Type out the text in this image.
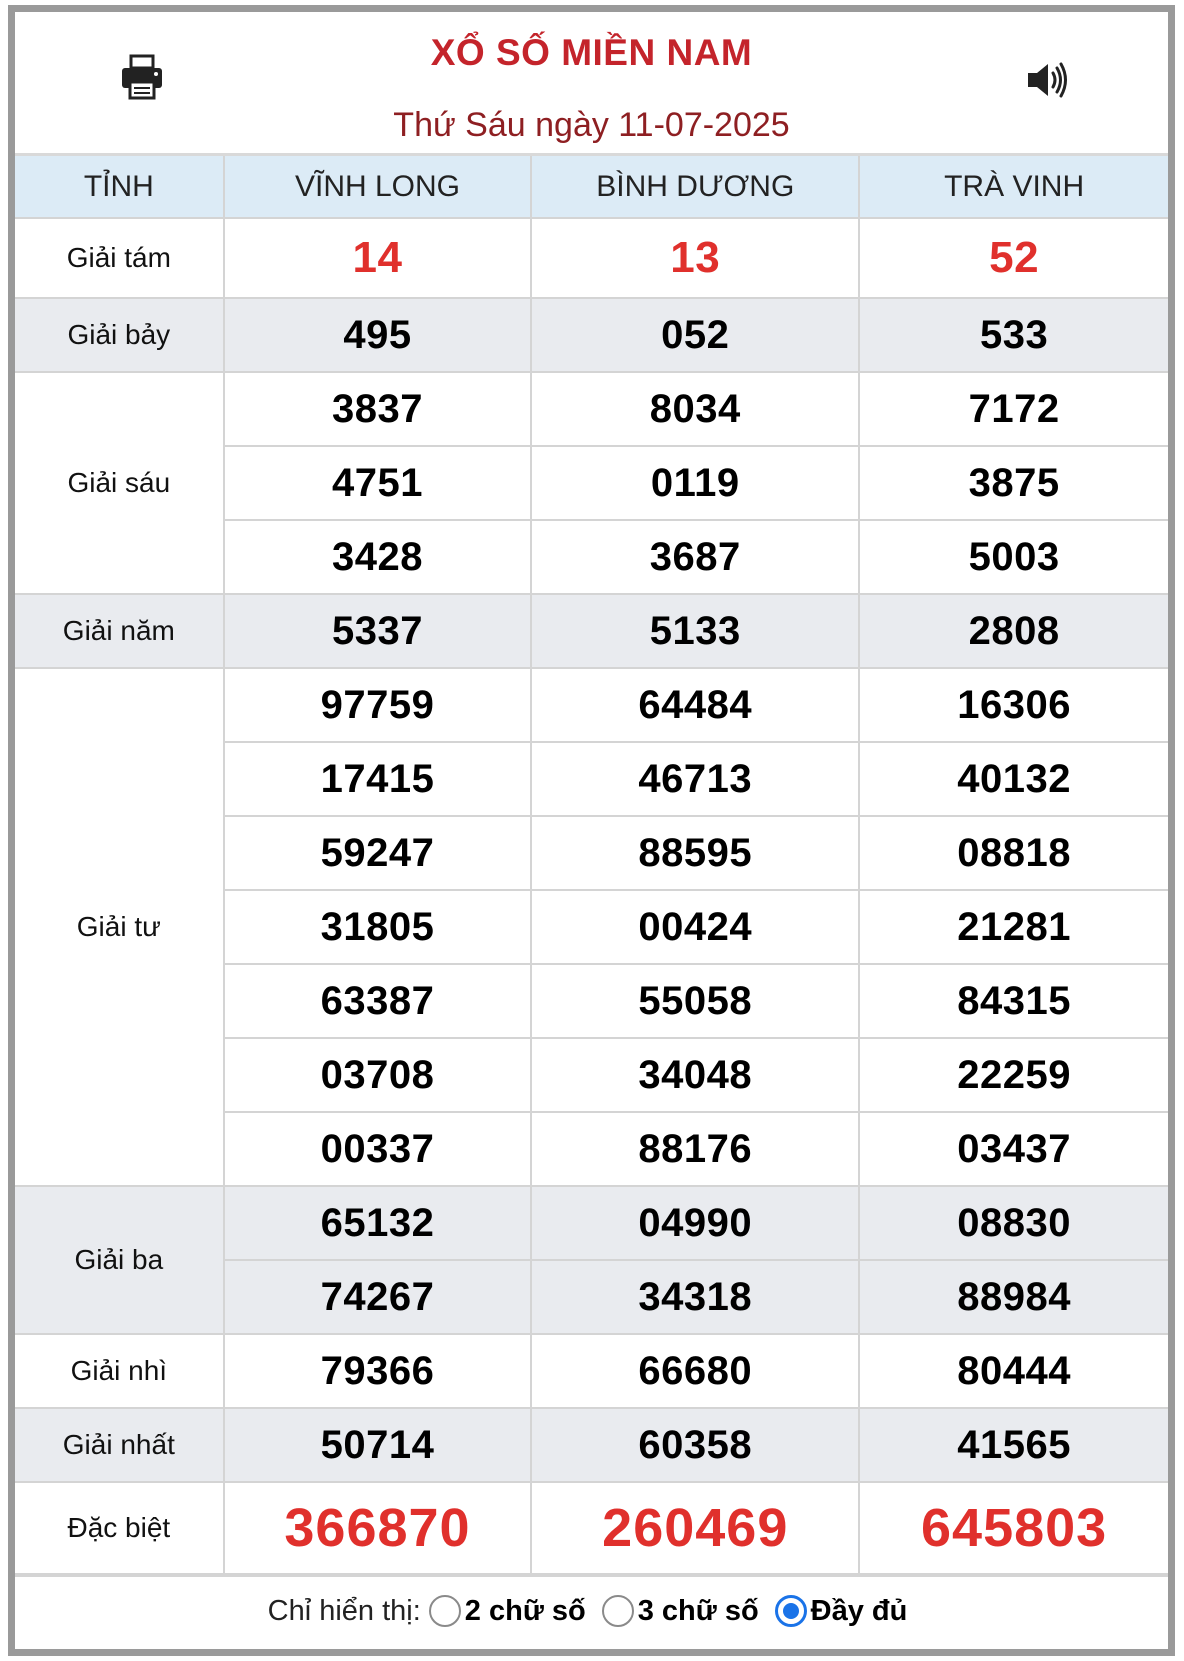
XỔ SỐ MIỀN NAM
Thứ Sáu ngày 11-07-2025
TỈNH	VĨNH LONG	BÌNH DƯƠNG	TRÀ VINH
Giải tám	14	13	52
Giải bảy	495	052	533
Giải sáu	3837	8034	7172
	4751	0119	3875
	3428	3687	5003
Giải năm	5337	5133	2808
Giải tư	97759	64484	16306
	17415	46713	40132
	59247	88595	08818
	31805	00424	21281
	63387	55058	84315
	03708	34048	22259
	00337	88176	03437
Giải ba	65132	04990	08830
	74267	34318	88984
Giải nhì	79366	66680	80444
Giải nhất	50714	60358	41565
Đặc biệt	366870	260469	645803
Chỉ hiển thị: 2 chữ số 3 chữ số Đầy đủ
